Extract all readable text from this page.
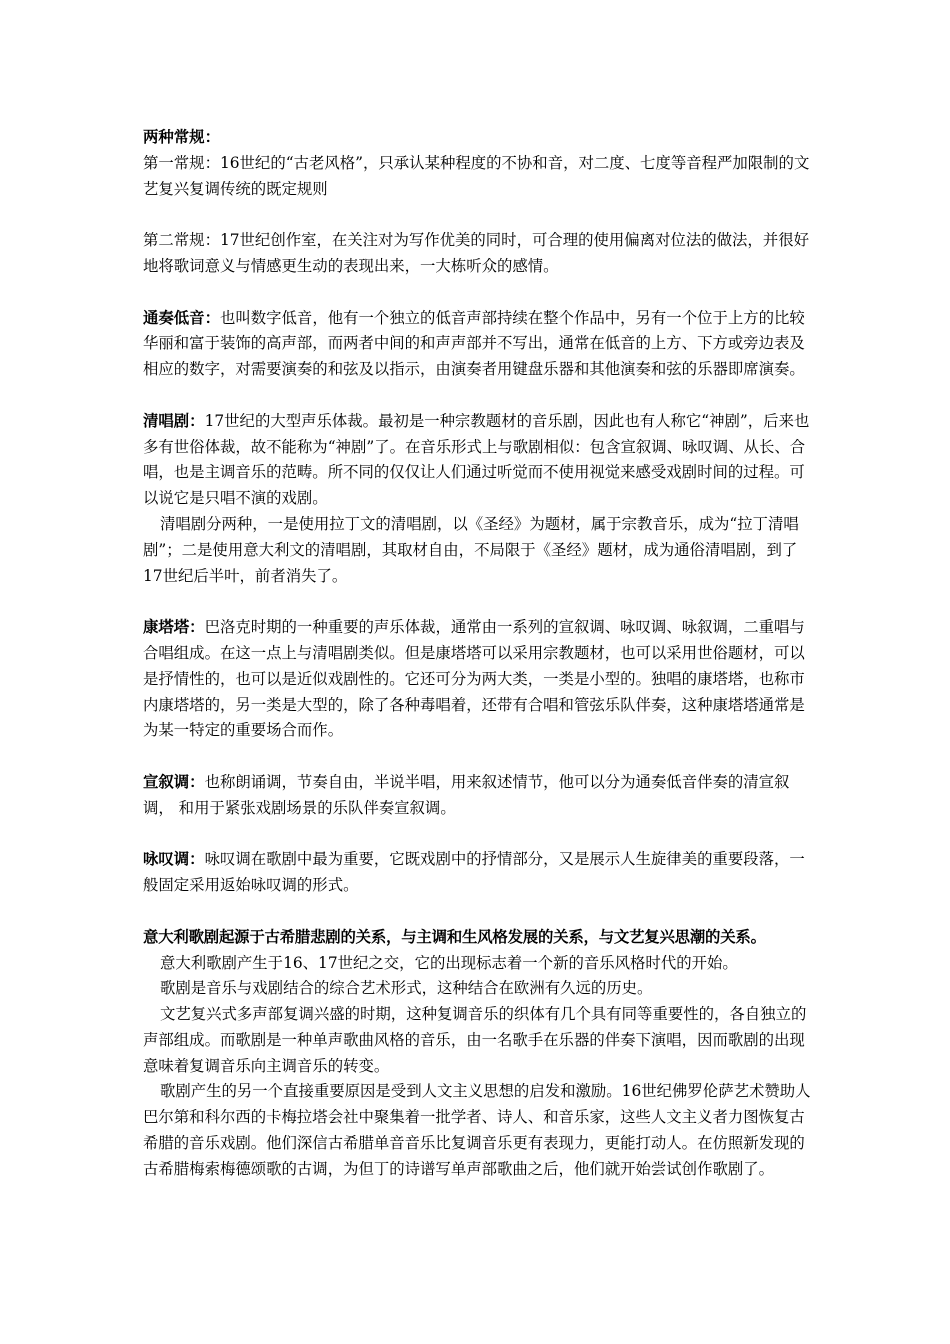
两种常规：

第一常规：16世纪的“古老风格”，只承认某种程度的不协和音，对二度、七度等音程严加限制的文艺复兴复调传统的既定规则

第二常规：17世纪创作室，在关注对为写作优美的同时，可合理的使用偏离对位法的做法，并很好地将歌词意义与情感更生动的表现出来，一大栋听众的感情。

通奏低音：也叫数字低音，他有一个独立的低音声部持续在整个作品中，另有一个位于上方的比较华丽和富于装饰的高声部，而两者中间的和声声部并不写出，通常在低音的上方、下方或旁边表及相应的数字，对需要演奏的和弦及以指示，由演奏者用键盘乐器和其他演奏和弦的乐器即席演奏。

清唱剧：17世纪的大型声乐体裁。最初是一种宗教题材的音乐剧，因此也有人称它“神剧”，后来也多有世俗体裁，故不能称为“神剧”了。在音乐形式上与歌剧相似：包含宣叙调、咏叹调、从长、合唱，也是主调音乐的范畴。所不同的仅仅让人们通过听觉而不使用视觉来感受戏剧时间的过程。可以说它是只唱不演的戏剧。

清唱剧分两种，一是使用拉丁文的清唱剧，以《圣经》为题材，属于宗教音乐，成为“拉丁清唱剧”；二是使用意大利文的清唱剧，其取材自由，不局限于《圣经》题材，成为通俗清唱剧，到了17世纪后半叶，前者消失了。

康塔塔：巴洛克时期的一种重要的声乐体裁，通常由一系列的宣叙调、咏叹调、咏叙调，二重唱与合唱组成。在这一点上与清唱剧类似。但是康塔塔可以采用宗教题材，也可以采用世俗题材，可以是抒情性的，也可以是近似戏剧性的。它还可分为两大类，一类是小型的。独唱的康塔塔，也称市内康塔塔的，另一类是大型的，除了各种毒唱着，还带有合唱和管弦乐队伴奏，这种康塔塔通常是为某一特定的重要场合而作。

宣叙调：也称朗诵调，节奏自由，半说半唱，用来叙述情节，他可以分为通奏低音伴奏的清宣叙调， 和用于紧张戏剧场景的乐队伴奏宣叙调。

咏叹调：咏叹调在歌剧中最为重要，它既戏剧中的抒情部分，又是展示人生旋律美的重要段落，一般固定采用返始咏叹调的形式。

意大利歌剧起源于古希腊悲剧的关系，与主调和生风格发展的关系，与文艺复兴思潮的关系。

意大利歌剧产生于16、17世纪之交，它的出现标志着一个新的音乐风格时代的开始。

歌剧是音乐与戏剧结合的综合艺术形式，这种结合在欧洲有久远的历史。

文艺复兴式多声部复调兴盛的时期，这种复调音乐的织体有几个具有同等重要性的，各自独立的声部组成。而歌剧是一种单声歌曲风格的音乐，由一名歌手在乐器的伴奏下演唱，因而歌剧的出现意味着复调音乐向主调音乐的转变。

歌剧产生的另一个直接重要原因是受到人文主义思想的启发和激励。16世纪佛罗伦萨艺术赞助人巴尔第和科尔西的卡梅拉塔会社中聚集着一批学者、诗人、和音乐家，这些人文主义者力图恢复古希腊的音乐戏剧。他们深信古希腊单音音乐比复调音乐更有表现力，更能打动人。在仿照新发现的古希腊梅索梅德颂歌的古调，为但丁的诗谱写单声部歌曲之后，他们就开始尝试创作歌剧了。
